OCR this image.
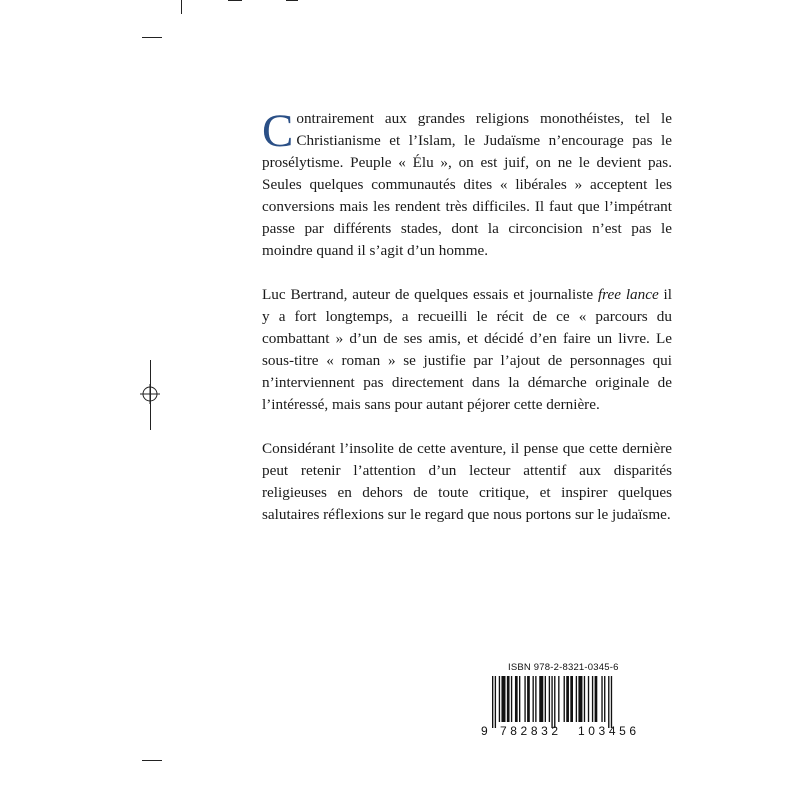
Contrairement aux grandes religions monothéistes, tel le Christianisme et l’Islam, le Judaïsme n’encourage pas le prosélytisme. Peuple « Élu », on est juif, on ne le devient pas. Seules quelques communautés dites « libérales » acceptent les conversions mais les rendent très difficiles. Il faut que l’impétrant passe par différents stades, dont la circoncision n’est pas le moindre quand il s’agit d’un homme.

Luc Bertrand, auteur de quelques essais et journaliste free lance il y a fort longtemps, a recueilli le récit de ce « parcours du combattant » d’un de ses amis, et décidé d’en faire un livre. Le sous-titre « roman » se justifie par l’ajout de personnages qui n’interviennent pas directement dans la démarche originale de l’intéressé, mais sans pour autant péjorer cette dernière.

Considérant l’insolite de cette aventure, il pense que cette dernière peut retenir l’attention d’un lecteur attentif aux disparités religieuses en dehors de toute critique, et inspirer quelques salutaires réflexions sur le regard que nous portons sur le judaïsme.

ISBN 978-2-8321-0345-6
9 782832 103456
